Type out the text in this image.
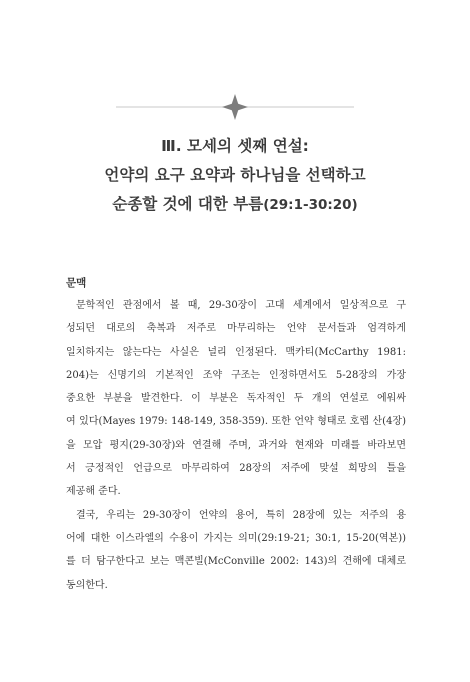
Ⅲ. 모세의 셋째 연설:
언약의 요구 요약과 하나님을 선택하고
순종할 것에 대한 부름(29:1-30:20)
문맥
문학적인 관점에서 볼 때, 29-30장이 고대 세계에서 일상적으로 구
성되던 대로의 축복과 저주로 마무리하는 언약 문서들과 엄격하게
일치하지는 않는다는 사실은 널리 인정된다. 맥카티(McCarthy 1981:
204)는 신명기의 기본적인 조약 구조는 인정하면서도 5-28장의 가장
중요한 부분을 발견한다. 이 부분은 독자적인 두 개의 연설로 에워싸
여 있다(Mayes 1979: 148-149, 358-359). 또한 언약 형태로 호렙 산(4장)
을 모압 평지(29-30장)와 연결해 주며, 과거와 현재와 미래를 바라보면
서 긍정적인 언급으로 마무리하여 28장의 저주에 맞설 희망의 틀을
제공해 준다.
결국, 우리는 29-30장이 언약의 용어, 특히 28장에 있는 저주의 용
어에 대한 이스라엘의 수용이 가지는 의미(29:19-21; 30:1, 15-20(역본))
를 더 탐구한다고 보는 맥콘빌(McConville 2002: 143)의 견해에 대체로
동의한다.
